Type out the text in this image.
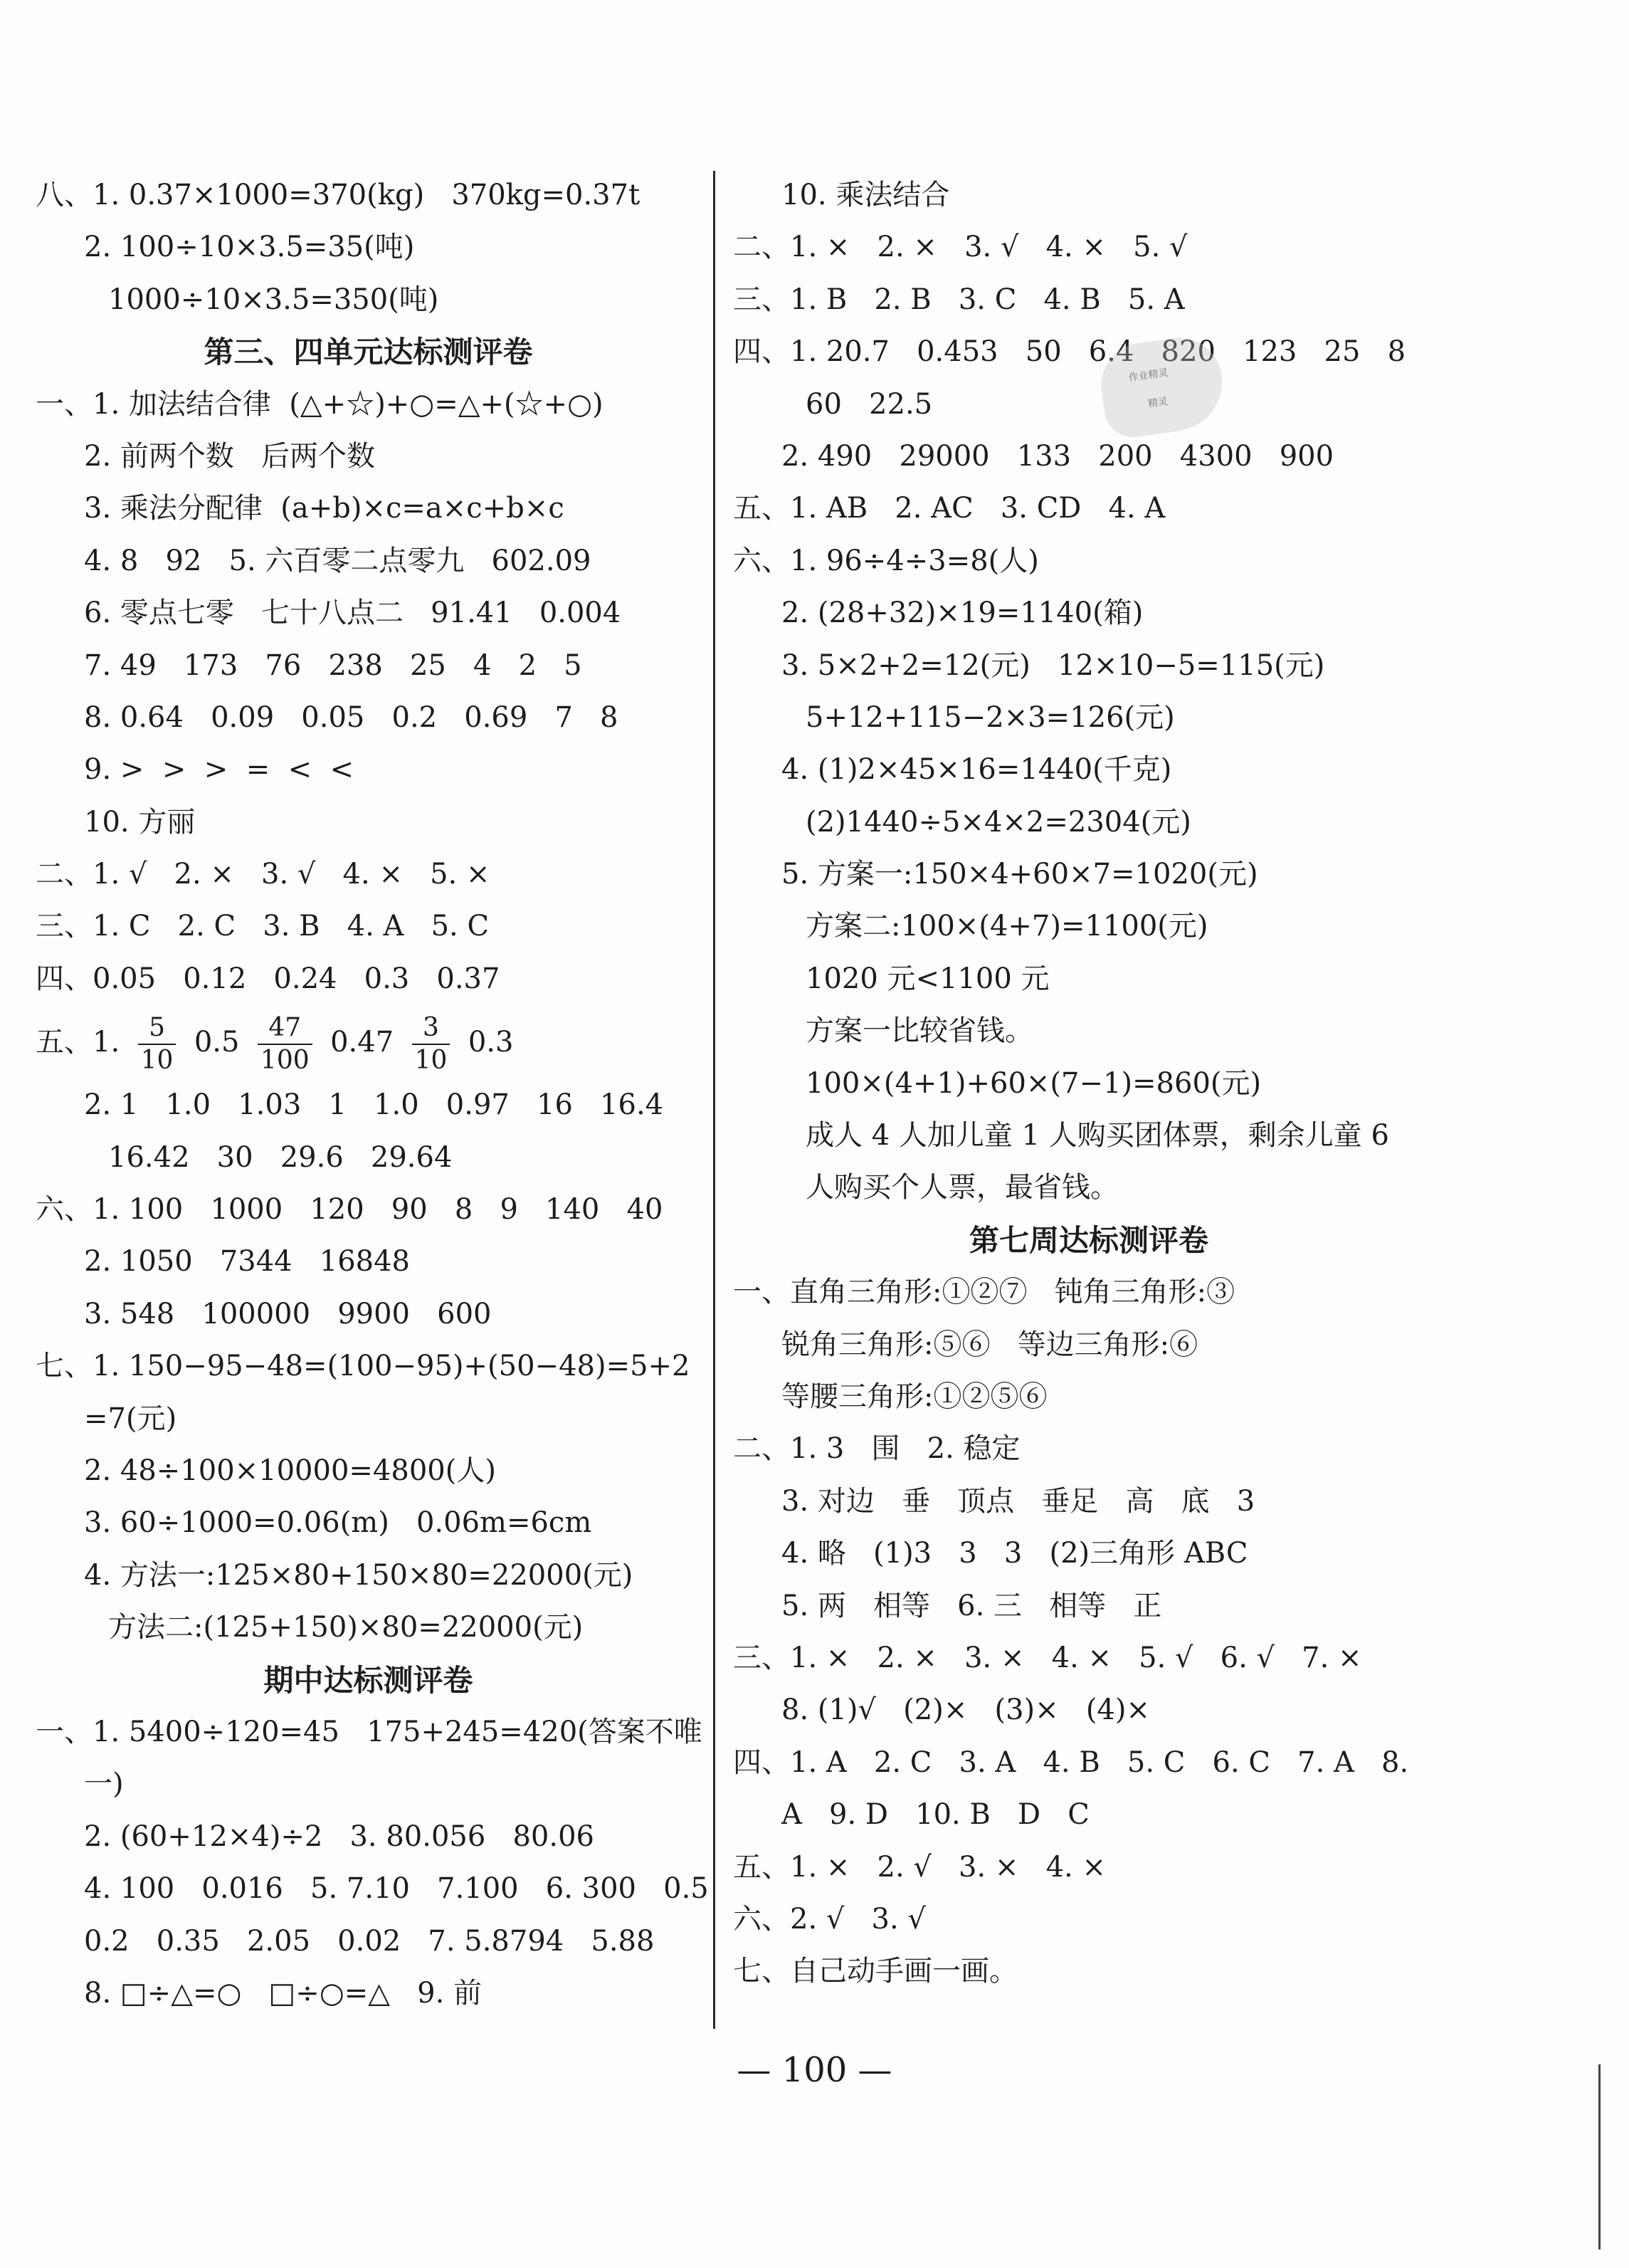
八、1. 0.37×1000=370(kg)   370kg=0.37t
2. 100÷10×3.5=35(吨)
1000÷10×3.5=350(吨)
第三、四单元达标测评卷
一、1. 加法结合律  (△+☆)+○=△+(☆+○)
2. 前两个数   后两个数
3. 乘法分配律  (a+b)×c=a×c+b×c
4. 8   92   5. 六百零二点零九   602.09
6. 零点七零   七十八点二   91.41   0.004
7. 49   173   76   238   25   4   2   5
8. 0.64   0.09   0.05   0.2   0.69   7   8
9. >  >  >  =  <  <
10. 方丽
二、1. √   2. ×   3. √   4. ×   5. ×
三、1. C   2. C   3. B   4. A   5. C
四、0.05   0.12   0.24   0.3   0.37
五、1. $\frac{5}{10} 0.5 \frac{47}{100} 0.47 \frac{3}{10} 0.3$
2. 1   1.0   1.03   1   1.0   0.97   16   16.4
16.42   30   29.6   29.64
六、1. 100   1000   120   90   8   9   140   40
2. 1050   7344   16848
3. 548   100000   9900   600
七、1. 150−95−48=(100−95)+(50−48)=5+2
=7(元)
2. 48÷100×10000=4800(人)
3. 60÷1000=0.06(m)   0.06m=6cm
4. 方法一:125×80+150×80=22000(元)
方法二:(125+150)×80=22000(元)
期中达标测评卷
一、1. 5400÷120=45   175+245=420(答案不唯
一)
2. (60+12×4)÷2   3. 80.056   80.06
4. 100   0.016   5. 7.10   7.100   6. 300   0.5
0.2   0.35   2.05   0.02   7. 5.8794   5.88
8. □÷△=○   □÷○=△   9. 前
10. 乘法结合
二、1. ×   2. ×   3. √   4. ×   5. √
三、1. B   2. B   3. C   4. B   5. A
四、1. 20.7   0.453   50   6.4   820   123   25   8
60   22.5
2. 490   29000   133   200   4300   900
五、1. AB   2. AC   3. CD   4. A
六、1. 96÷4÷3=8(人)
2. (28+32)×19=1140(箱)
3. 5×2+2=12(元)   12×10−5=115(元)
5+12+115−2×3=126(元)
4. (1)2×45×16=1440(千克)
(2)1440÷5×4×2=2304(元)
5. 方案一:150×4+60×7=1020(元)
方案二:100×(4+7)=1100(元)
1020 元<1100 元
方案一比较省钱。
100×(4+1)+60×(7−1)=860(元)
成人 4 人加儿童 1 人购买团体票，剩余儿童 6
人购买个人票，最省钱。
第七周达标测评卷
一、直角三角形:①②⑦   钝角三角形:③
锐角三角形:⑤⑥   等边三角形:⑥
等腰三角形:①②⑤⑥
二、1. 3   围   2. 稳定
3. 对边   垂   顶点   垂足   高   底   3
4. 略   (1)3   3   3   (2)三角形 ABC
5. 两   相等   6. 三   相等   正
三、1. ×   2. ×   3. ×   4. ×   5. √   6. √   7. ×
8. (1)√   (2)×   (3)×   (4)×
四、1. A   2. C   3. A   4. B   5. C   6. C   7. A   8.
A   9. D   10. B   D   C
五、1. ×   2. √   3. ×   4. ×
六、2. √   3. √
七、自己动手画一画。
作业精灵
精灵
— 100 —
